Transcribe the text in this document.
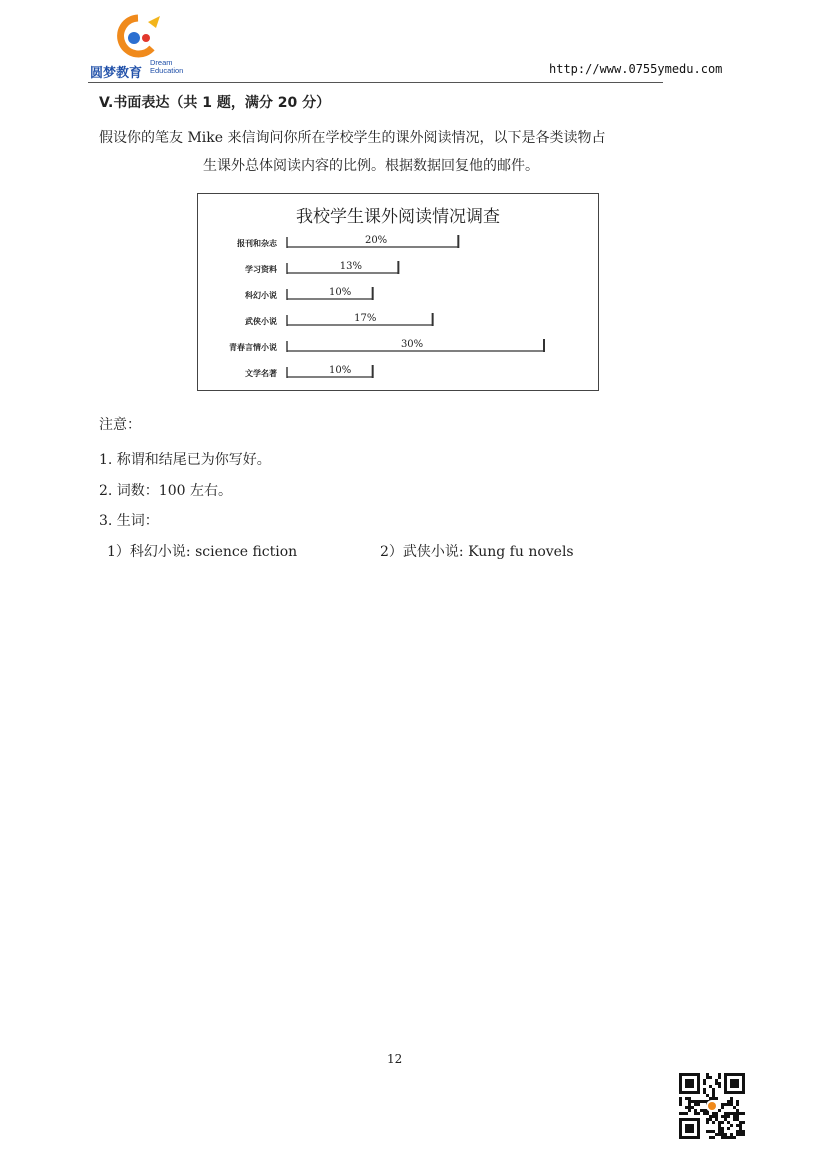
圆梦教育
Dream
Education	http://www.0755ymedu.com
V.书面表达（共 1 题，满分 20 分）
假设你的笔友 Mike 来信询问你所在学校学生的课外阅读情况，以下是各类读物占
生课外总体阅读内容的比例。根据数据回复他的邮件。
我校学生课外阅读情况调查
报刊和杂志	20%
学习资料	13%
科幻小说	10%
武侠小说	17%
青春言情小说	30%
文学名著	10%
注意：
1. 称谓和结尾已为你写好。
2. 词数：100 左右。
3. 生词：
1）科幻小说: science fiction	2）武侠小说: Kung fu novels
12
